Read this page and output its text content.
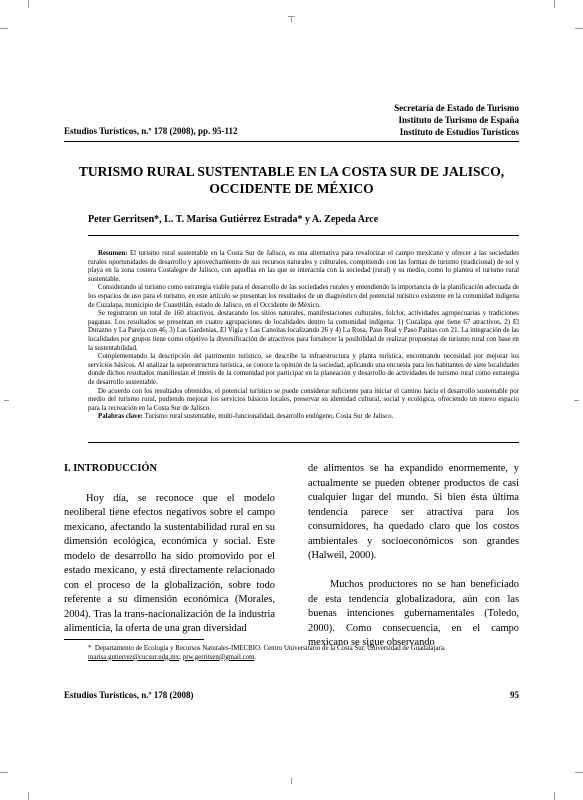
Estudios Turísticos, n.º 178 (2008), pp. 95-112
Secretaría de Estado de Turismo
Instituto de Turismo de España
Instituto de Estudios Turísticos
TURISMO RURAL SUSTENTABLE EN LA COSTA SUR DE JALISCO,
OCCIDENTE DE MÉXICO
Peter Gerritsen*, L. T. Marisa Gutiérrez Estrada* y A. Zepeda Arce

Resumen: El turismo rural sustentable en la Costa Sur de Jalisco, es una alternativa para revalorizar el campo mexicano y ofrecer a las sociedades rurales oportunidades de desarrollo y aprovechamiento de sus recursos naturales y culturales, compitiendo con las formas de turismo (tradicional) de sol y playa en la zona costera Costalegre de Jalisco, con aquellas en las que se interactúa con la sociedad (rural) y su medio, como lo plantea el turismo rural sustentable.

Considerando al turismo como estrategia viable para el desarrollo de las sociedades rurales y entendiendo la importancia de la planificación adecuada de los espacios de uso para el turismo, en este artículo se presentan los resultados de un diagnóstico del potencial turístico existente en la comunidad indígena de Cuzalapa, municipio de Cuautitlán, estado de Jalisco, en el Occidente de México.

Se registraron un total de 160 atractivos, destacando los sitios naturales, manifestaciones culturales, folclor, actividades agropecuarias y tradiciones paganas. Los resultados se presentan en cuatro agrupaciones de localidades dentro la comunidad indígena: 1) Cuzalapa que tiene 67 atractivos, 2) El Durazno y La Pareja con 46, 3) Las Gardenias, El Vigía y Las Canoitas localizando 26 y 4) La Rosa, Paso Real y Paso Patitas con 21. La integración de las localidades por grupos tiene como objetivo la diversificación de atractivos para fortalecer la posibilidad de realizar propuestas de turismo rural con base en la sustentabilidad.

Complementando la descripción del patrimonio turístico, se describe la infraestructura y planta turística, encontrando necesidad por mejorar los servicios básicos. Al analizar la superestructura turística, se conoce la opinión de la sociedad, aplicando una encuesta para los habitantes de siete localidades donde dichos resultados manifiestan el interés de la comunidad por participar en la planeación y desarrollo de actividades de turismo rural como estrategia de desarrollo sustentable.

De acuerdo con los resultados obtenidos, el potencial turístico se puede considerar suficiente para iniciar el camino hacia el desarrollo sustentable por medio del turismo rural, pudiendo mejorar los servicios básicos locales, preservar su identidad cultural, social y ecológica, ofreciendo un nuevo espacio para la recreación en la Costa Sur de Jalisco.

Palabras clave: Turismo rural sustentable, multi-funcionalidad, desarrollo endógeno, Costa Sur de Jalisco.

I. INTRODUCCIÓN

Hoy día, se reconoce que el modelo neoliberal tiene efectos negativos sobre el campo mexicano, afectando la sustentabilidad rural en su dimensión ecológica, económica y social. Este modelo de desarrollo ha sido promovido por el estado mexicano, y está directamente relacionado con el proceso de la globalización, sobre todo referente a su dimensión económica (Morales, 2004). Tras la trans-nacionalización de la industria alimenticia, la oferta de una gran diversidad

de alimentos se ha expandido enormemente, y actualmente se pueden obtener productos de casi cualquier lugar del mundo. Si bien ésta última tendencia parece ser atractiva para los consumidores, ha quedado claro que los costos ambientales y socioeconómicos son grandes (Halweil, 2000).

Muchos productores no se han beneficiado de esta tendencia globalizadora, aún con las buenas intenciones gubernamentales (Toledo, 2000). Como consecuencia, en el campo mexicano se sigue observando

* Departamento de Ecología y Recursos Naturales-IMECBIO. Centro Universitario de la Costa Sur. Universidad de Guadalajara.
marisa.gutierrez@cucsur.udg.mx; prw.gerritsen@gmail.com.
Estudios Turísticos, n.º 178 (2008)	95
